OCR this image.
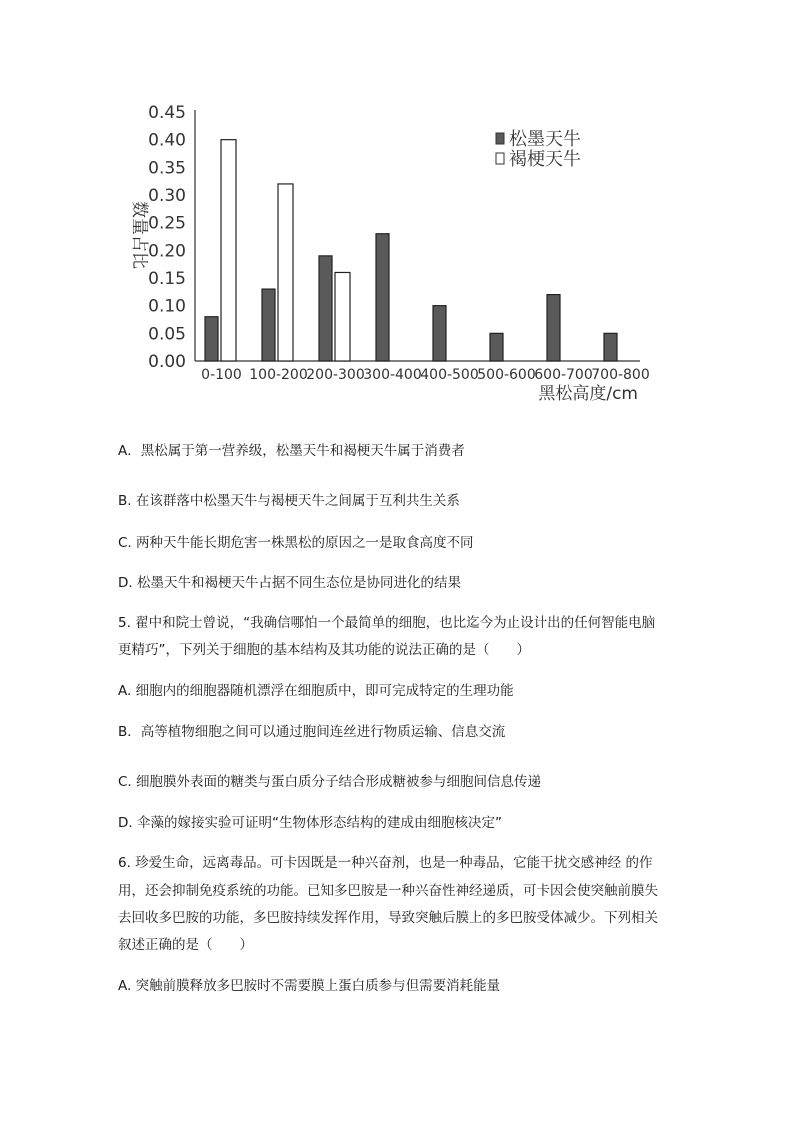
0.00
0.05
0.10
0.15
0.20
0.25
0.30
0.35
0.40
0.45
0-100 100-200
200-300
300-400
400-500
500-600
600-700
700-800
数量占比
黑松高度/cm
松墨天牛
褐梗天牛
A．黑松属于第一营养级，松墨天牛和褐梗天牛属于消费者
B. 在该群落中松墨天牛与褐梗天牛之间属于互利共生关系
C. 两种天牛能长期危害一株黑松的原因之一是取食高度不同
D. 松墨天牛和褐梗天牛占据不同生态位是协同进化的结果
5. 翟中和院士曾说，“我确信哪怕一个最简单的细胞，也比迄今为止设计出的任何智能电脑
更精巧”，下列关于细胞的基本结构及其功能的说法正确的是（　　）
A. 细胞内的细胞器随机漂浮在细胞质中，即可完成特定的生理功能
B．高等植物细胞之间可以通过胞间连丝进行物质运输、信息交流
C. 细胞膜外表面的糖类与蛋白质分子结合形成糖被参与细胞间信息传递
D. 伞藻的嫁接实验可证明“生物体形态结构的建成由细胞核决定”
6. 珍爱生命，远离毒品。可卡因既是一种兴奋剂，也是一种毒品，它能干扰交感神经 的作
用，还会抑制免疫系统的功能。已知多巴胺是一种兴奋性神经递质，可卡因会使突触前膜失
去回收多巴胺的功能，多巴胺持续发挥作用，导致突触后膜上的多巴胺受体减少。下列相关
叙述正确的是（　　）
A. 突触前膜释放多巴胺时不需要膜上蛋白质参与但需要消耗能量
